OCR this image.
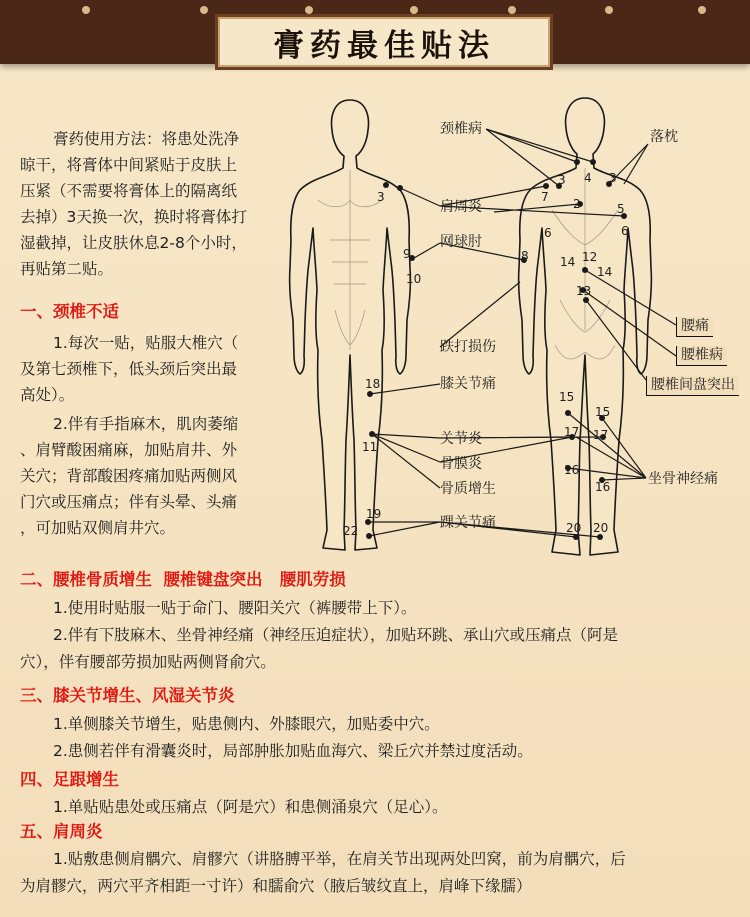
膏药最佳贴法
膏药使用方法：将患处洗净
晾干，将膏体中间紧贴于皮肤上
压紧（不需要将膏体上的隔离纸
去掉）3天换一次，换时将膏体打
湿截掉，让皮肤休息2-8个小时，
再贴第二贴。
一、颈椎不适
1.每次一贴，贴服大椎穴（
及第七颈椎下，低头颈后突出最
高处）。
2.伴有手指麻木，肌肉萎缩
、肩臂酸困痛麻，加贴肩井、外
关穴；背部酸困疼痛加贴两侧风
门穴或压痛点；伴有头晕、头痛
，可加贴双侧肩井穴。
二、腰椎骨质增生  腰椎键盘突出   腰肌劳损
1.使用时贴服一贴于命门、腰阳关穴（裤腰带上下）。
2.伴有下肢麻木、坐骨神经痛（神经压迫症状），加贴环跳、承山穴或压痛点（阿是
穴），伴有腰部劳损加贴两侧肾俞穴。
三、膝关节增生、风湿关节炎
1.单侧膝关节增生，贴患侧内、外膝眼穴，加贴委中穴。
2.患侧若伴有滑囊炎时，局部肿胀加贴血海穴、梁丘穴并禁过度活动。
四、足跟增生
1.单贴贴患处或压痛点（阿是穴）和患侧涌泉穴（足心）。
五、肩周炎
1.贴敷患侧肩髃穴、肩髎穴（讲胳膊平举，在肩关节出现两处凹窝，前为肩髃穴，后
为肩髎穴，两穴平齐相距一寸许）和臑俞穴（腋后皱纹直上，肩峰下缘臑）
颈椎病	落枕
肩周炎
网球肘
跌打损伤
膝关节痛
关节炎
骨膜炎
骨质增生
踝关节痛
腰痛
腰椎病
腰椎间盘突出
坐骨神经痛
3
9
10
18
11
19
22
3	3
4
7 2	5
6	6
8	14 12
14
13
15
15
17 17
16
16
20 20
